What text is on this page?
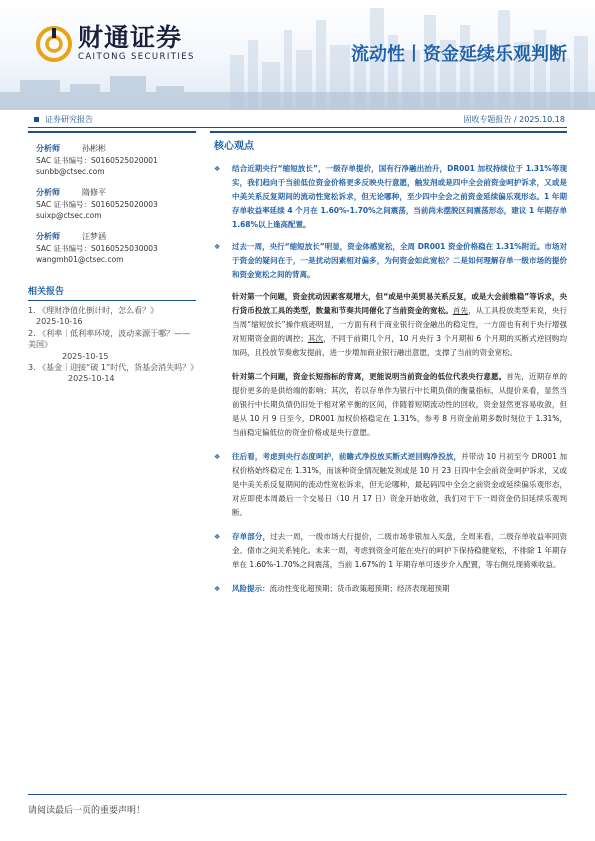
财通证券
CAITONG SECURITIES	流动性丨资金延续乐观判断
证券研究报告	固收专题报告 / 2025.10.18
分析师	孙彬彬
SAC 证书编号：S0160525020001
sunbb@ctsec.com
分析师	隋修平
SAC 证书编号：S0160525020003
suixp@ctsec.com
分析师	汪梦涵
SAC 证书编号：S0160525030003
wangmh01@ctsec.com
相关报告
1. 《理财净值化倒计时，怎么看？》
2025-10-16
2. 《利率｜低利率环境，波动来源于哪？——美国》
2025-10-15
3. 《基金｜迎接“破 1”时代，货基会消失吗？》
2025-10-14
核心观点
❖ 结合近期央行“缩短放长”，一级存单提价，国有行净融出抬升，DR001 加权持续位于 1.31%等现实，我们趋向于当前低位资金价格更多反映央行意愿，触发剂或是四中全会前资金呵护诉求，又或是中美关系反复期间的流动性宽松诉求，但无论哪种，至少四中全会之前资金延续偏乐观形态。1 年期存单收益率延续 4 个月在 1.60%-1.70%之间震荡，当前尚未摆脱区间震荡形态，建议 1 年期存单 1.68%以上逢高配置。
❖ 过去一周，央行“缩短放长”明显，资金体感宽松，全周 DR001 资金价格稳在 1.31%附近。市场对于资金的疑问在于，一是扰动因素相对偏多，为何资金如此宽松？二是如何理解存单一级市场的提价和资金宽松之间的背离。
针对第一个问题，资金扰动因素客观增大，但“或是中美贸易关系反复，或是大会前维稳”等诉求，央行货币投放工具的类型，数量和节奏共同催化了当前资金的宽松。首先，从工具投放类型来说，央行当周“缩短放长”操作痕迹明显，一方面有利于商业银行资金融出的稳定性，一方面也有利于央行增强对短期资金面的调控；其次，不同于前期几个月，10 月央行 3 个月期和 6 个月期的买断式逆回购均加码，且投放节奏愈发提前，进一步增加商业银行融出意愿，支撑了当前的资金宽松。
针对第二个问题，资金长短指标的背离，更能说明当前资金的低位代表央行意愿。首先，近期存单的提价更多的是供给端的影响；其次，若以存单作为银行中长期负债的衡量指标，从提价来看，显然当前银行中长期负债仍旧处于相对紧平衡的区间，伴随着短期流动性的回收，资金显然更容易收敛，但是从 10 月 9 日至今，DR001 加权价格稳定在 1.31%，参考 8 月资金前期多数时刻位于 1.31%，当前稳定偏低位的资金价格或是央行意愿。
❖ 往后看，考虑到央行态度呵护，前瞻式净投放买断式逆回购净投放，并带动 10 月初至今 DR001 加权价格始终稳定在 1.31%，而该种资金情况触发剂或是 10 月 23 日四中全会前资金呵护诉求，又或是中美关系反复期间的流动性宽松诉求，但无论哪种，最起码四中全会之前资金或延续偏乐观形态，对应即使本周最后一个交易日（10 月 17 日）资金开始收敛，我们对于下一周资金仍旧延续乐观判断。
❖ 存单部分，过去一周，一级市场大行提价，二级市场非银加入买盘，全周来看，二级存单收益率同资金、债市之间关系钝化。未来一周，考虑到资金可能在央行的呵护下保持稳健宽松，不排除 1 年期存单在 1.60%-1.70%之间震荡，当前 1.67%的 1 年期存单可逐步介入配置，等右侧兑现骑乘收益。
❖ 风险提示：流动性变化超预期；货币政策超预期；经济表现超预期
请阅读最后一页的重要声明！
